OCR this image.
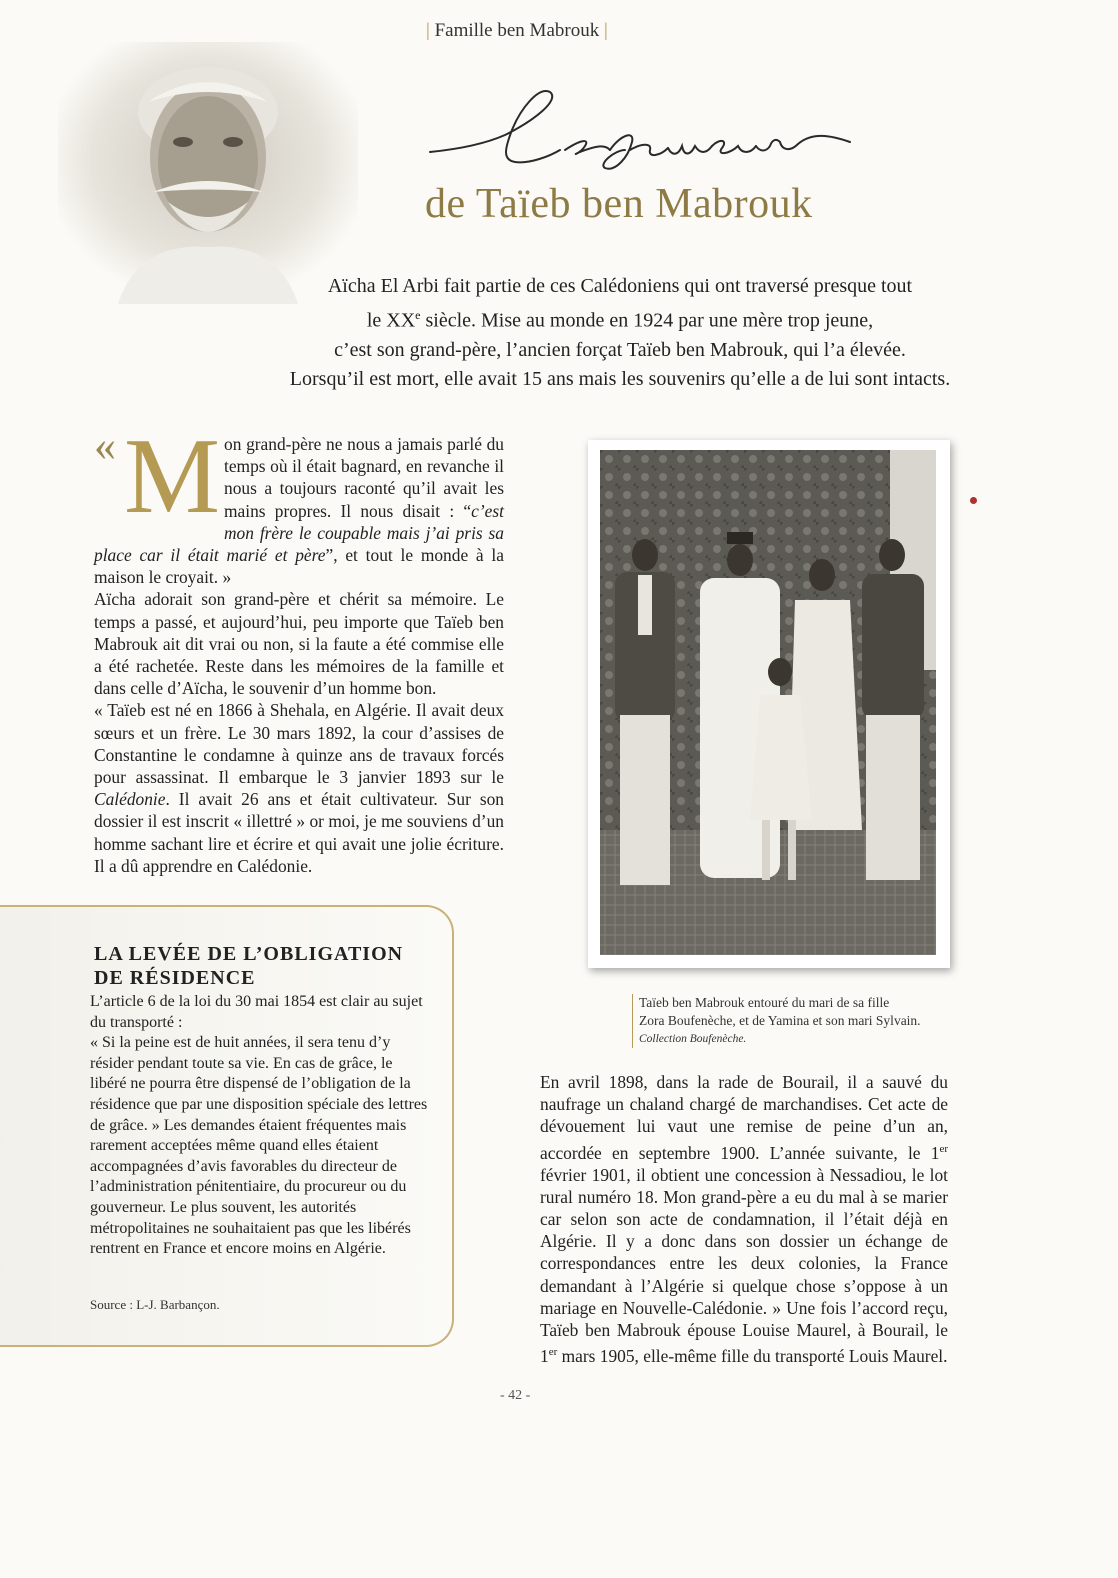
| Famille ben Mabrouk |
de Taïeb ben Mabrouk

Aïcha El Arbi fait partie de ces Calédoniens qui ont traversé presque tout

le XXe siècle. Mise au monde en 1924 par une mère trop jeune,

c’est son grand-père, l’ancien forçat Taïeb ben Mabrouk, qui l’a élevée.

Lorsqu’il est mort, elle avait 15 ans mais les souvenirs qu’elle a de lui sont intacts.

« M on grand-père ne nous a jamais parlé du temps où il était bagnard, en revanche il nous a toujours raconté qu’il avait les mains propres. Il nous disait : “c’est mon frère le coupable mais j’ai pris sa place car il était marié et père”, et tout le monde à la maison le croyait. »

Aïcha adorait son grand-père et chérit sa mémoire. Le temps a passé, et aujourd’hui, peu importe que Taïeb ben Mabrouk ait dit vrai ou non, si la faute a été commise elle a été rachetée. Reste dans les mémoires de la famille et dans celle d’Aïcha, le souvenir d’un homme bon.

« Taïeb est né en 1866 à Shehala, en Algérie. Il avait deux sœurs et un frère. Le 30 mars 1892, la cour d’assises de Constantine le condamne à quinze ans de travaux forcés pour assassinat. Il embarque le 3 janvier 1893 sur le Calédonie. Il avait 26 ans et était cultivateur. Sur son dossier il est inscrit « illettré » or moi, je me souviens d’un homme sachant lire et écrire et qui avait une jolie écriture. Il a dû apprendre en Calédonie.

Taïeb ben Mabrouk entouré du mari de sa fille
Zora Boufenèche, et de Yamina et son mari Sylvain.
Collection Boufenèche.
LA LEVÉE DE L’OBLIGATION
DE RÉSIDENCE

L’article 6 de la loi du 30 mai 1854 est clair au sujet du transporté :

« Si la peine est de huit années, il sera tenu d’y résider pendant toute sa vie. En cas de grâce, le libéré ne pourra être dispensé de l’obligation de la résidence que par une disposition spéciale des lettres de grâce. » Les demandes étaient fréquentes mais rarement acceptées même quand elles étaient accompagnées d’avis favorables du directeur de l’administration pénitentiaire, du procureur ou du gouverneur. Le plus souvent, les autorités métropolitaines ne souhaitaient pas que les libérés rentrent en France et encore moins en Algérie.

Source : L-J. Barbançon.

En avril 1898, dans la rade de Bourail, il a sauvé du naufrage un chaland chargé de marchandises. Cet acte de dévouement lui vaut une remise de peine d’un an, accordée en septembre 1900. L’année suivante, le 1er février 1901, il obtient une concession à Nessadiou, le lot rural numéro 18. Mon grand-père a eu du mal à se marier car selon son acte de condamnation, il l’était déjà en Algérie. Il y a donc dans son dossier un échange de correspondances entre les deux colonies, la France demandant à l’Algérie si quelque chose s’oppose à un mariage en Nouvelle-Calédonie. » Une fois l’accord reçu, Taïeb ben Mabrouk épouse Louise Maurel, à Bourail, le 1er mars 1905, elle-même fille du transporté Louis Maurel.

- 42 -
